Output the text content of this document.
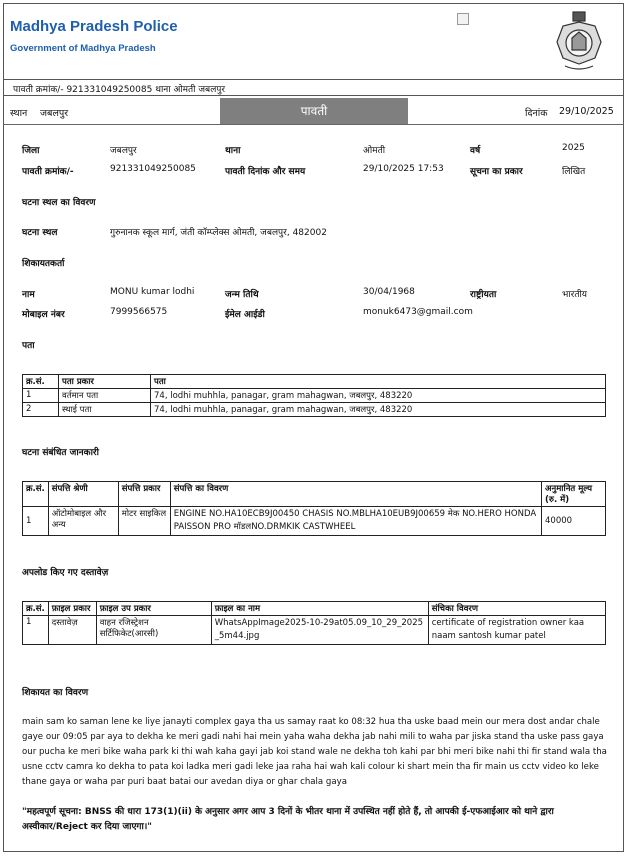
Madhya Pradesh Police
Government of Madhya Pradesh
पावती क्रमांक/- 921331049250085 थाना ओमती जबलपुर
स्थान जबलपुर	पावती	दिनांक 29/10/2025
जिला	जबलपुर	थाना	ओमती	वर्ष	2025
पावती क्रमांक/-	921331049250085	पावती दिनांक और समय	29/10/2025 17:53	सूचना का प्रकार	लिखित
घटना स्थल का विवरण
घटना स्थल	गुरुनानक स्कूल मार्ग, जंती कॉम्प्लेक्स ओमती, जबलपुर, 482002
शिकायतकर्ता
नाम	MONU kumar lodhi	जन्म तिथि	30/04/1968	राष्ट्रीयता	भारतीय
मोबाइल नंबर	7999566575	ईमेल आईडी	monuk6473@gmail.com
पता
क्र.सं.	पता प्रकार	पता
1	वर्तमान पता	74, lodhi muhhla, panagar, gram mahagwan, जबलपुर, 483220
2	स्थाई पता	74, lodhi muhhla, panagar, gram mahagwan, जबलपुर, 483220
घटना संबंधित जानकारी
क्र.सं.	संपत्ति श्रेणी	संपत्ति प्रकार	संपत्ति का विवरण	अनुमानित मूल्य (रु. में)
1	ऑटोमोबाइल और अन्य	मोटर साइकिल	ENGINE NO.HA10ECB9J00450 CHASIS NO.MBLHA10EUB9J00659 मेक NO.HERO HONDA PAISSON PRO मॉडलNO.DRMKIK CASTWHEEL	40000
अपलोड किए गए दस्तावेज़
क्र.सं.	फ़ाइल प्रकार	फ़ाइल उप प्रकार	फ़ाइल का नाम	संचिका विवरण
1	दस्तावेज़	वाहन रजिस्ट्रेशन सर्टिफिकेट(आरसी)	WhatsAppImage2025-10-29at05.09_10_29_2025_5m44.jpg	certificate of registration owner kaa naam santosh kumar patel
शिकायत का विवरण
main sam ko saman lene ke liye janayti complex gaya tha us samay raat ko 08:32 hua tha uske baad mein our mera dost andar chale gaye our 09:05 par aya to dekha ke meri gadi nahi hai mein yaha waha dekha jab nahi mili to waha par jiska stand tha uske pass gaya our pucha ke meri bike waha park ki thi wah kaha gayi jab koi stand wale ne dekha toh kahi par bhi meri bike nahi thi fir stand wala tha usne cctv camra ko dekha to pata koi ladka meri gadi leke jaa raha hai wah kali colour ki shart mein tha fir main us cctv video ko leke thane gaya or waha par puri baat batai our avedan diya or ghar chala gaya
"महत्वपूर्ण सूचना: BNSS की धारा 173(1)(ii) के अनुसार अगर आप 3 दिनों के भीतर थाना में उपस्थित नहीं होते हैं, तो आपकी ई-एफआईआर को थाने द्वारा अस्वीकार/Reject कर दिया जाएगा।"
